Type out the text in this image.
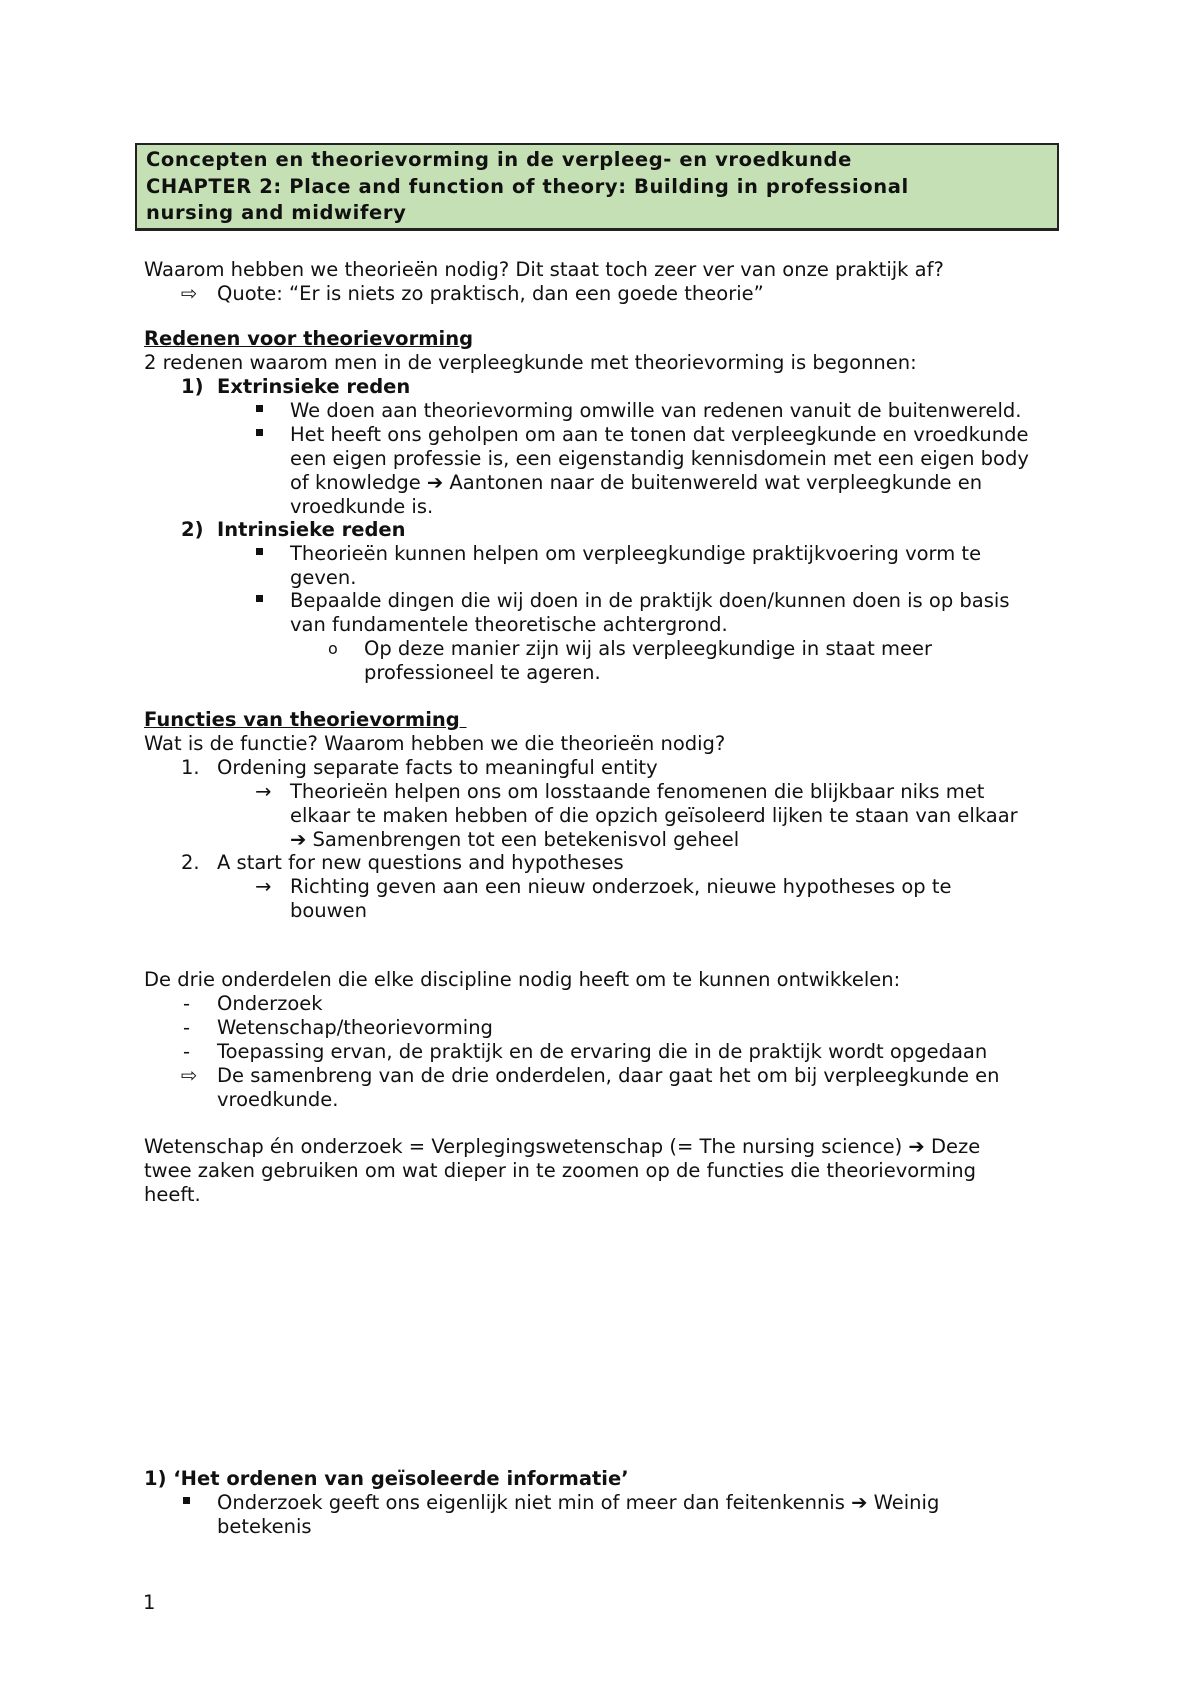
Concepten en theorievorming in de verpleeg- en vroedkunde
CHAPTER 2: Place and function of theory: Building in professional
nursing and midwifery
Waarom hebben we theorieën nodig? Dit staat toch zeer ver van onze praktijk af?
⇨ Quote: “Er is niets zo praktisch, dan een goede theorie”
Redenen voor theorievorming
2 redenen waarom men in de verpleegkunde met theorievorming is begonnen:
1) Extrinsieke reden
We doen aan theorievorming omwille van redenen vanuit de buitenwereld.
Het heeft ons geholpen om aan te tonen dat verpleegkunde en vroedkunde
een eigen professie is, een eigenstandig kennisdomein met een eigen body
of knowledge ➔ Aantonen naar de buitenwereld wat verpleegkunde en
vroedkunde is.
2) Intrinsieke reden
Theorieën kunnen helpen om verpleegkundige praktijkvoering vorm te
geven.
Bepaalde dingen die wij doen in de praktijk doen/kunnen doen is op basis
van fundamentele theoretische achtergrond.
o Op deze manier zijn wij als verpleegkundige in staat meer
professioneel te ageren.
Functies van theorievorming
Wat is de functie? Waarom hebben we die theorieën nodig?
1. Ordening separate facts to meaningful entity
→ Theorieën helpen ons om losstaande fenomenen die blijkbaar niks met
elkaar te maken hebben of die opzich geïsoleerd lijken te staan van elkaar
➔ Samenbrengen tot een betekenisvol geheel
2. A start for new questions and hypotheses
→ Richting geven aan een nieuw onderzoek, nieuwe hypotheses op te
bouwen
De drie onderdelen die elke discipline nodig heeft om te kunnen ontwikkelen:
- Onderzoek
- Wetenschap/theorievorming
- Toepassing ervan, de praktijk en de ervaring die in de praktijk wordt opgedaan
⇨ De samenbreng van de drie onderdelen, daar gaat het om bij verpleegkunde en
vroedkunde.
Wetenschap én onderzoek = Verplegingswetenschap (= The nursing science) ➔ Deze
twee zaken gebruiken om wat dieper in te zoomen op de functies die theorievorming
heeft.
1) ‘Het ordenen van geïsoleerde informatie’
Onderzoek geeft ons eigenlijk niet min of meer dan feitenkennis ➔ Weinig
betekenis
1
